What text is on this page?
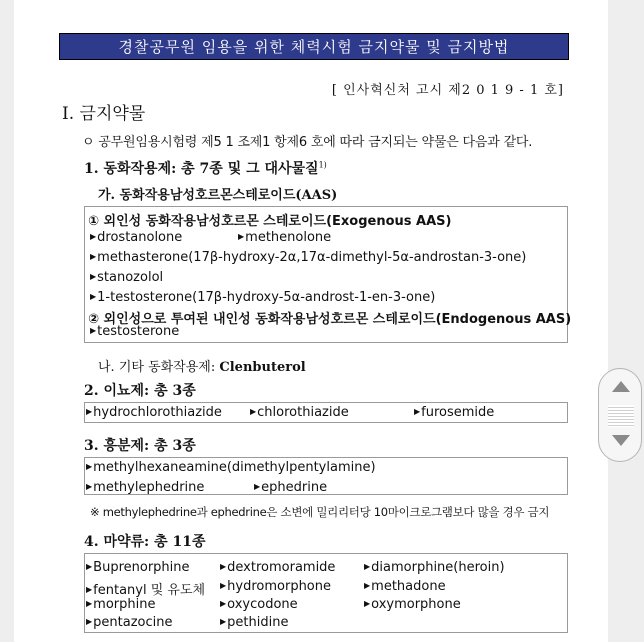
경찰공무원 임용을 위한 체력시험 금지약물 및 금지방법
[ 인사혁신처 고시 제2 0 1 9 - 1 호]
Ⅰ. 금지약물
ㅇ 공무원임용시험령 제5 1 조제1 항제6 호에 따라 금지되는 약물은 다음과 같다.
1. 동화작용제: 총 7종 및 그 대사물질$^{1)}$
가. 동화작용남성호르몬스테로이드(AAS)
① 외인성 동화작용남성호르몬 스테로이드(Exogenous AAS)
▶drostanolone	▶methenolone
▶methasterone(17β-hydroxy-2α,17α-dimethyl-5α-androstan-3-one)
▶stanozolol
▶1-testosterone(17β-hydroxy-5α-androst-1-en-3-one)
② 외인성으로 투여된 내인성 동화작용남성호르몬 스테로이드(Endogenous AAS)
▶testosterone
나. 기타 동화작용제: Clenbuterol
2. 이뇨제: 총 3종
▶hydrochlorothiazide	▶chlorothiazide	▶furosemide
3. 흥분제: 총 3종
▶methylhexaneamine(dimethylpentylamine)
▶methylephedrine	▶ephedrine
※ methylephedrine과 ephedrine은 소변에 밀리리터당 10마이크로그램보다 많을 경우 금지
4. 마약류: 총 11종
▶Buprenorphine	▶dextromoramide	▶diamorphine(heroin)
▶fentanyl 및 유도체 ▶hydromorphone	▶methadone
▶morphine	▶oxycodone	▶oxymorphone
▶pentazocine	▶pethidine
